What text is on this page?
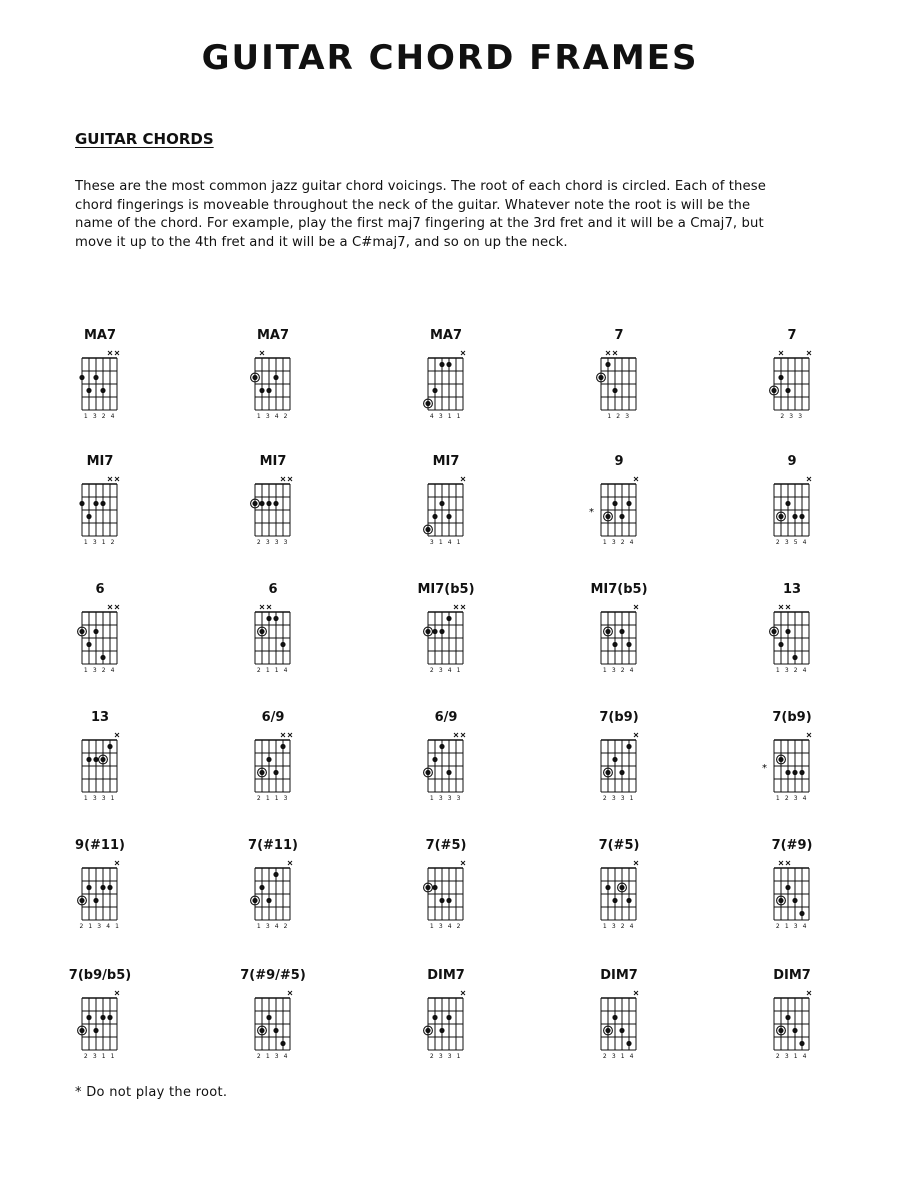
GUITAR CHORD FRAMES
GUITAR CHORDS

These are the most common jazz guitar chord voicings. The root of each chord is circled. Each of these chord fingerings is moveable throughout the neck of the guitar. Whatever note the root is will be the name of the chord. For example, play the first maj7 fingering at the 3rd fret and it will be a Cmaj7, but move it up to the 4th fret and it will be a C#maj7, and so on up the neck.

MA7
1 3 2 4
MA7
1 3 4 2
MA7
4 3 1 1
7
1 2 3
7
2 3 3
MI7
1 3 1 2
MI7
2 3 3 3
MI7
3 1 4 1
9
*
1 3 2 4
9
2 3 5 4
6
1 3 2 4
6
2 1 1 4
MI7(b5)
2 3 4 1
MI7(b5)
1 3 2 4
13
1 3 2 4
13
1 3 3 1
6/9
2 1 1 3
6/9
1 3 3 3
7(b9)
2 3 3 1
7(b9)
*
1 2 3 4
9(#11)
2 1 3 4 1
7(#11)
1 3 4 2
7(#5)
1 3 4 2
7(#5)
1 3 2 4
7(#9)
2 1 3 4
7(b9/b5)
2 3 1 1
7(#9/#5)
2 1 3 4
DIM7
2 3 3 1
DIM7
2 3 1 4
DIM7
2 3 1 4

* Do not play the root.
